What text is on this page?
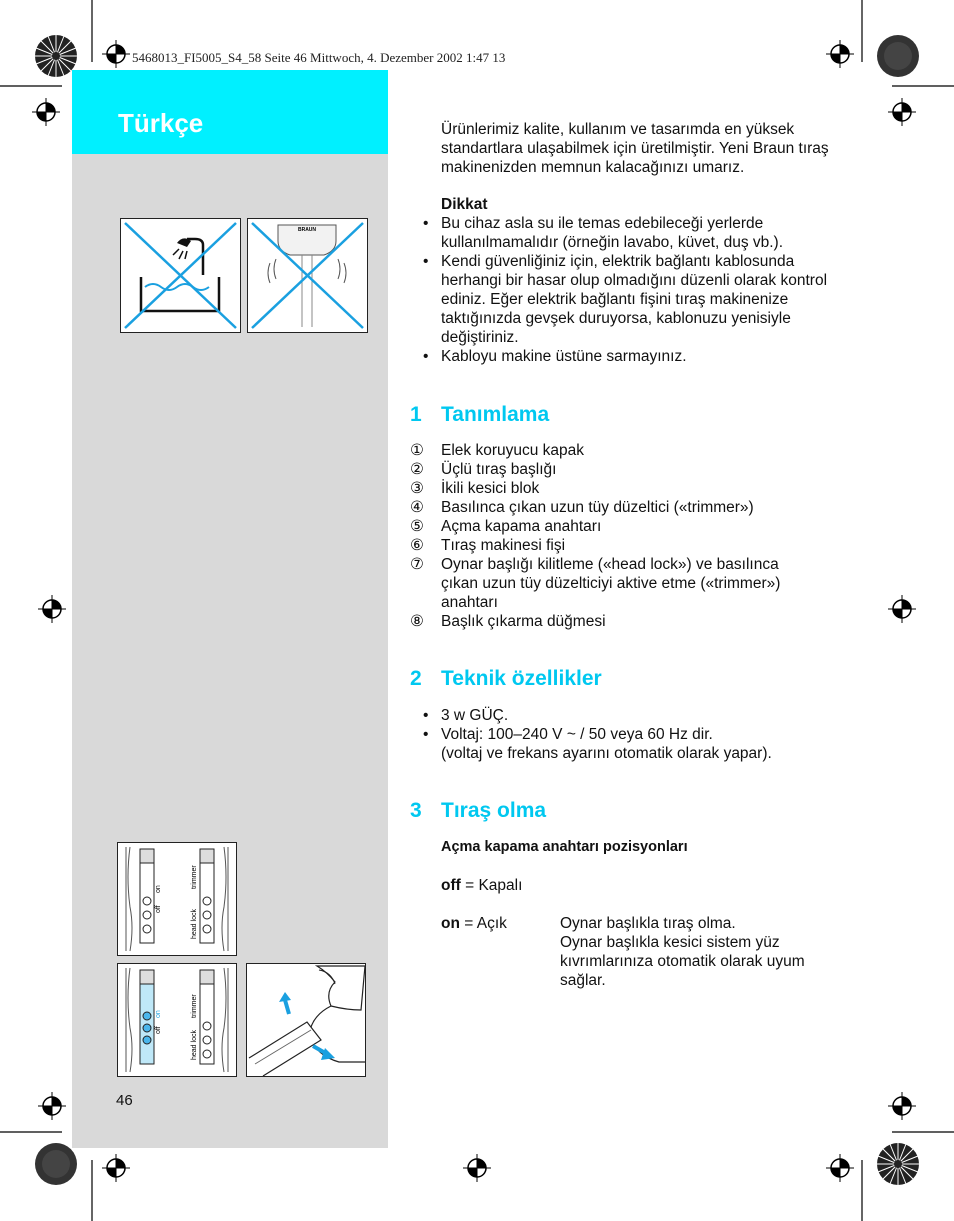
5468013_FI5005_S4_58 Seite 46 Mittwoch, 4. Dezember 2002 1:47 13
Türkçe
BRAUN
off
on
head lock
trimmer
off
on
head lock
trimmer
46
Ürünlerimiz kalite, kullanım ve tasarımda en yüksek standartlara ulaşabilmek için üretilmiştir. Yeni Braun tıraş makinenizden memnun kalacağınızı umarız.
Dikkat
• Bu cihaz asla su ile temas edebileceği yerlerde kullanılmamalıdır (örneğin lavabo, küvet, duş vb.).
• Kendi güvenliğiniz için, elektrik bağlantı kablosunda herhangi bir hasar olup olmadığını düzenli olarak kontrol ediniz. Eğer elektrik bağlantı fişini tıraş makinenize taktığınızda gevşek duruyorsa, kablonuzu yenisiyle değiştiriniz.
• Kabloyu makine üstüne sarmayınız.
1 Tanımlama
① Elek koruyucu kapak
② Üçlü tıraş başlığı
③ İkili kesici blok
④ Basılınca çıkan uzun tüy düzeltici («trimmer»)
⑤ Açma kapama anahtarı
⑥ Tıraş makinesi fişi
⑦ Oynar başlığı kilitleme («head lock») ve basılınca çıkan uzun tüy düzelticiyi aktive etme («trimmer») anahtarı
⑧ Başlık çıkarma düğmesi
2 Teknik özellikler
• 3 w GÜÇ.
• Voltaj: 100–240 V ~ / 50 veya 60 Hz dir.
(voltaj ve frekans ayarını otomatik olarak yapar).
3 Tıraş olma
Açma kapama anahtarı pozisyonları
off = Kapalı
on = Açık	Oynar başlıkla tıraş olma.
Oynar başlıkla kesici sistem yüz kıvrımlarınıza otomatik olarak uyum sağlar.
